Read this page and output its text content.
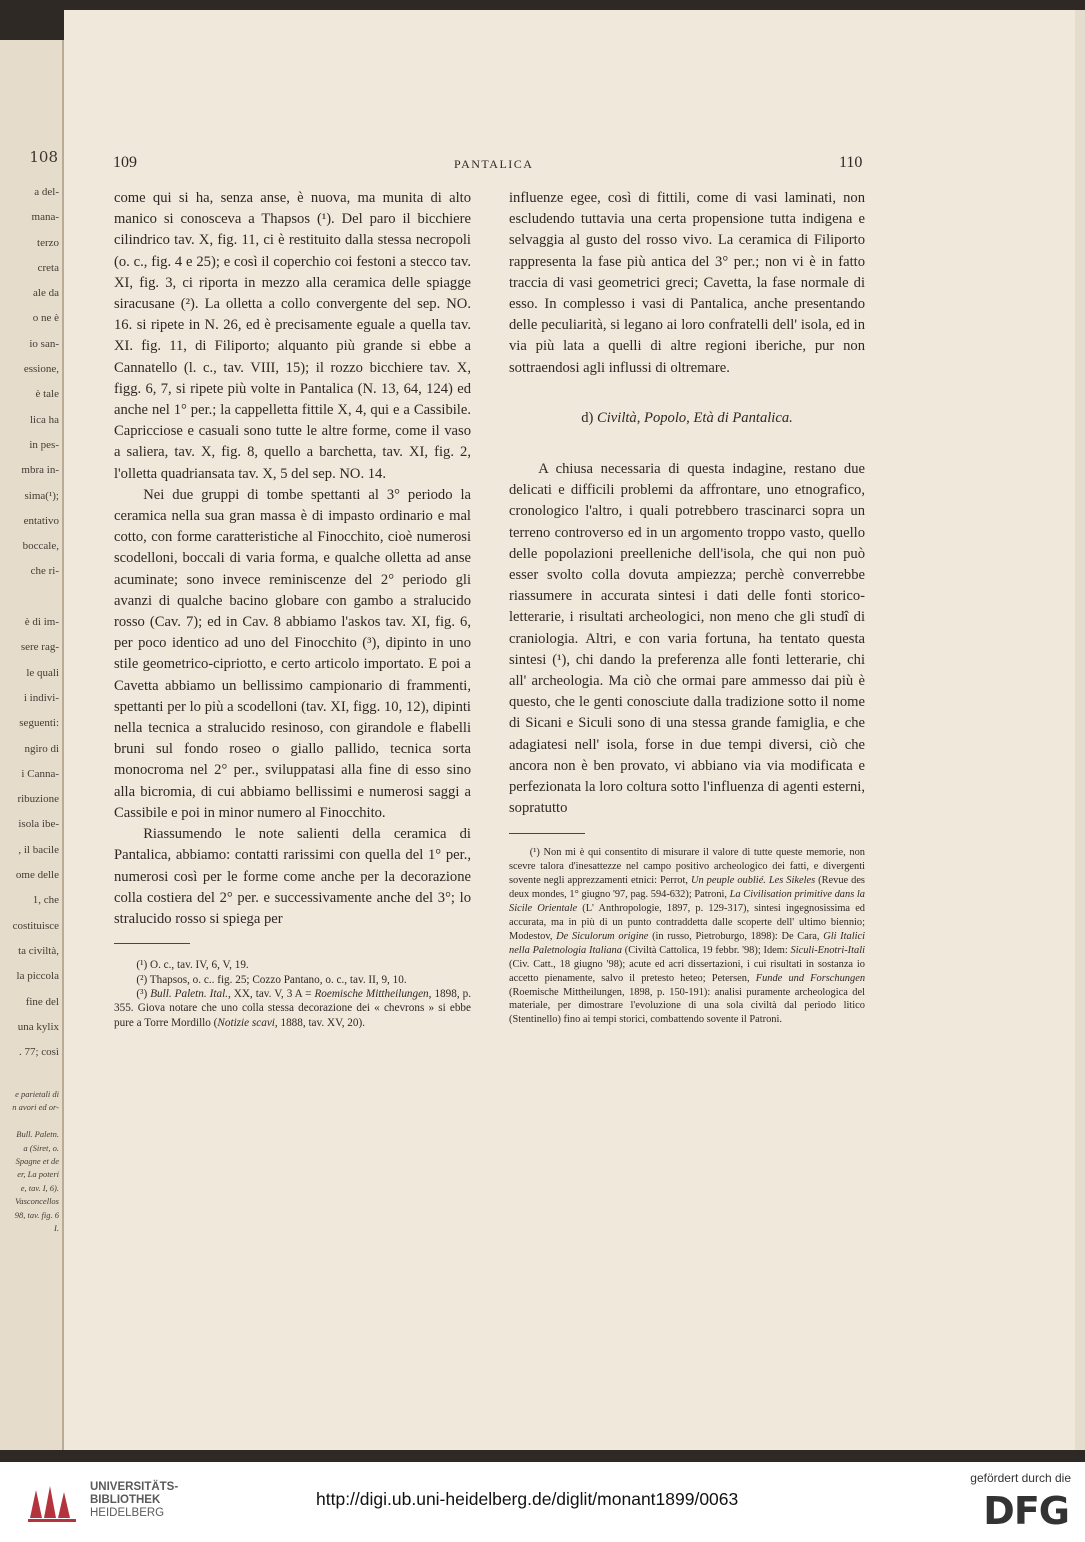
108
a del-
mana-
terzo
creta
ale da
o ne è
io san-
essione,
è tale
lica ha
in pes-
mbra in-
sima(¹);
entativo
boccale,
che ri-

è di im-
sere rag-
le quali
i indivi-
seguenti:
ngiro di
i Canna-
ribuzione
isola ibe-
, il bacile
ome delle
1, che
costituisce
ta civiltà,
la piccola
fine del
una kylix
. 77; così
e parietali di
n avori ed or-

Bull. Paletn.
a (Siret, o.
Spagne et de
er, La poteri
e, tav. I, 6).
Vasconcellos
98, tav. fig. 6
I.
109	PANTALICA	110

come qui si ha, senza anse, è nuova, ma munita di alto manico si conosceva a Thapsos (¹). Del paro il bicchiere cilindrico tav. X, fig. 11, ci è restituito dalla stessa necropoli (o. c., fig. 4 e 25); e così il coperchio coi festoni a stecco tav. XI, fig. 3, ci riporta in mezzo alla ceramica delle spiagge siracusane (²). La olletta a collo convergente del sep. NO. 16. si ripete in N. 26, ed è precisamente eguale a quella tav. XI. fig. 11, di Filiporto; alquanto più grande si ebbe a Cannatello (l. c., tav. VIII, 15); il rozzo bicchiere tav. X, figg. 6, 7, si ripete più volte in Pantalica (N. 13, 64, 124) ed anche nel 1° per.; la cappelletta fittile X, 4, qui e a Cassibile. Capricciose e casuali sono tutte le altre forme, come il vaso a saliera, tav. X, fig. 8, quello a barchetta, tav. XI, fig. 2, l'olletta quadriansata tav. X, 5 del sep. NO. 14.

Nei due gruppi di tombe spettanti al 3° periodo la ceramica nella sua gran massa è di impasto ordinario e mal cotto, con forme caratteristiche al Finocchito, cioè numerosi scodelloni, boccali di varia forma, e qualche olletta ad anse acuminate; sono invece reminiscenze del 2° periodo gli avanzi di qualche bacino globare con gambo a stralucido rosso (Cav. 7); ed in Cav. 8 abbiamo l'askos tav. XI, fig. 6, per poco identico ad uno del Finocchito (³), dipinto in uno stile geometrico-cipriotto, e certo articolo importato. E poi a Cavetta abbiamo un bellissimo campionario di frammenti, spettanti per lo più a scodelloni (tav. XI, figg. 10, 12), dipinti nella tecnica a stralucido resinoso, con girandole e flabelli bruni sul fondo roseo o giallo pallido, tecnica sorta monocroma nel 2° per., sviluppatasi alla fine di esso sino alla bicromia, di cui abbiamo bellissimi e numerosi saggi a Cassibile e poi in minor numero al Finocchito.

Riassumendo le note salienti della ceramica di Pantalica, abbiamo: contatti rarissimi con quella del 1° per., numerosi così per le forme come anche per la decorazione colla costiera del 2° per. e successivamente anche del 3°; lo stralucido rosso si spiega per

(¹) O. c., tav. IV, 6, V, 19.

(²) Thapsos, o. c.. fig. 25; Cozzo Pantano, o. c., tav. II, 9, 10.

(³) Bull. Paletn. Ital., XX, tav. V, 3 A = Roemische Mittheilungen, 1898, p. 355. Giova notare che uno colla stessa decorazione dei « chevrons » si ebbe pure a Torre Mordillo (Notizie scavi, 1888, tav. XV, 20).

influenze egee, così di fittili, come di vasi laminati, non escludendo tuttavia una certa propensione tutta indigena e selvaggia al gusto del rosso vivo. La ceramica di Filiporto rappresenta la fase più antica del 3° per.; non vi è in fatto traccia di vasi geometrici greci; Cavetta, la fase normale di esso. In complesso i vasi di Pantalica, anche presentando delle peculiarità, si legano ai loro confratelli dell' isola, ed in via più lata a quelli di altre regioni iberiche, pur non sottraendosi agli influssi di oltremare.

d) Civiltà, Popolo, Età di Pantalica.

A chiusa necessaria di questa indagine, restano due delicati e difficili problemi da affrontare, uno etnografico, cronologico l'altro, i quali potrebbero trascinarci sopra un terreno controverso ed in un argomento troppo vasto, quello delle popolazioni preelleniche dell'isola, che qui non può esser svolto colla dovuta ampiezza; perchè converrebbe riassumere in accurata sintesi i dati delle fonti storico-letterarie, i risultati archeologici, non meno che gli studî di craniologia. Altri, e con varia fortuna, ha tentato questa sintesi (¹), chi dando la preferenza alle fonti letterarie, chi all' archeologia. Ma ciò che ormai pare ammesso dai più è questo, che le genti conosciute dalla tradizione sotto il nome di Sicani e Siculi sono di una stessa grande famiglia, e che adagiatesi nell' isola, forse in due tempi diversi, ciò che ancora non è ben provato, vi abbiano via via modificata e perfezionata la loro coltura sotto l'influenza di agenti esterni, sopratutto

(¹) Non mi è qui consentito di misurare il valore di tutte queste memorie, non scevre talora d'inesattezze nel campo positivo archeologico dei fatti, e divergenti sovente negli apprezzamenti etnici: Perrot, Un peuple oublié. Les Sikeles (Revue des deux mondes, 1° giugno '97, pag. 594-632); Patroni, La Civilisation primitive dans la Sicile Orientale (L' Anthropologie, 1897, p. 129-317), sintesi ingegnosissima ed accurata, ma in più di un punto contraddetta dalle scoperte dell' ultimo biennio; Modestov, De Siculorum origine (in russo, Pietroburgo, 1898): De Cara, Gli Italici nella Paletnologia Italiana (Civiltà Cattolica, 19 febbr. '98); Idem: Siculi-Enotri-Itali (Civ. Catt., 18 giugno '98); acute ed acri dissertazioni, i cui risultati in sostanza io accetto pienamente, salvo il pretesto heteo; Petersen, Funde und Forschungen (Roemische Mittheilungen, 1898, p. 150-191): analisi puramente archeologica del materiale, per dimostrare l'evoluzione di una sola civiltà dal periodo litico (Stentinello) fino ai tempi storici, combattendo sovente il Patroni.

UNIVERSITÄTS-
BIBLIOTHEK
HEIDELBERG
http://digi.ub.uni-heidelberg.de/diglit/monant1899/0063
gefördert durch die
DFG
